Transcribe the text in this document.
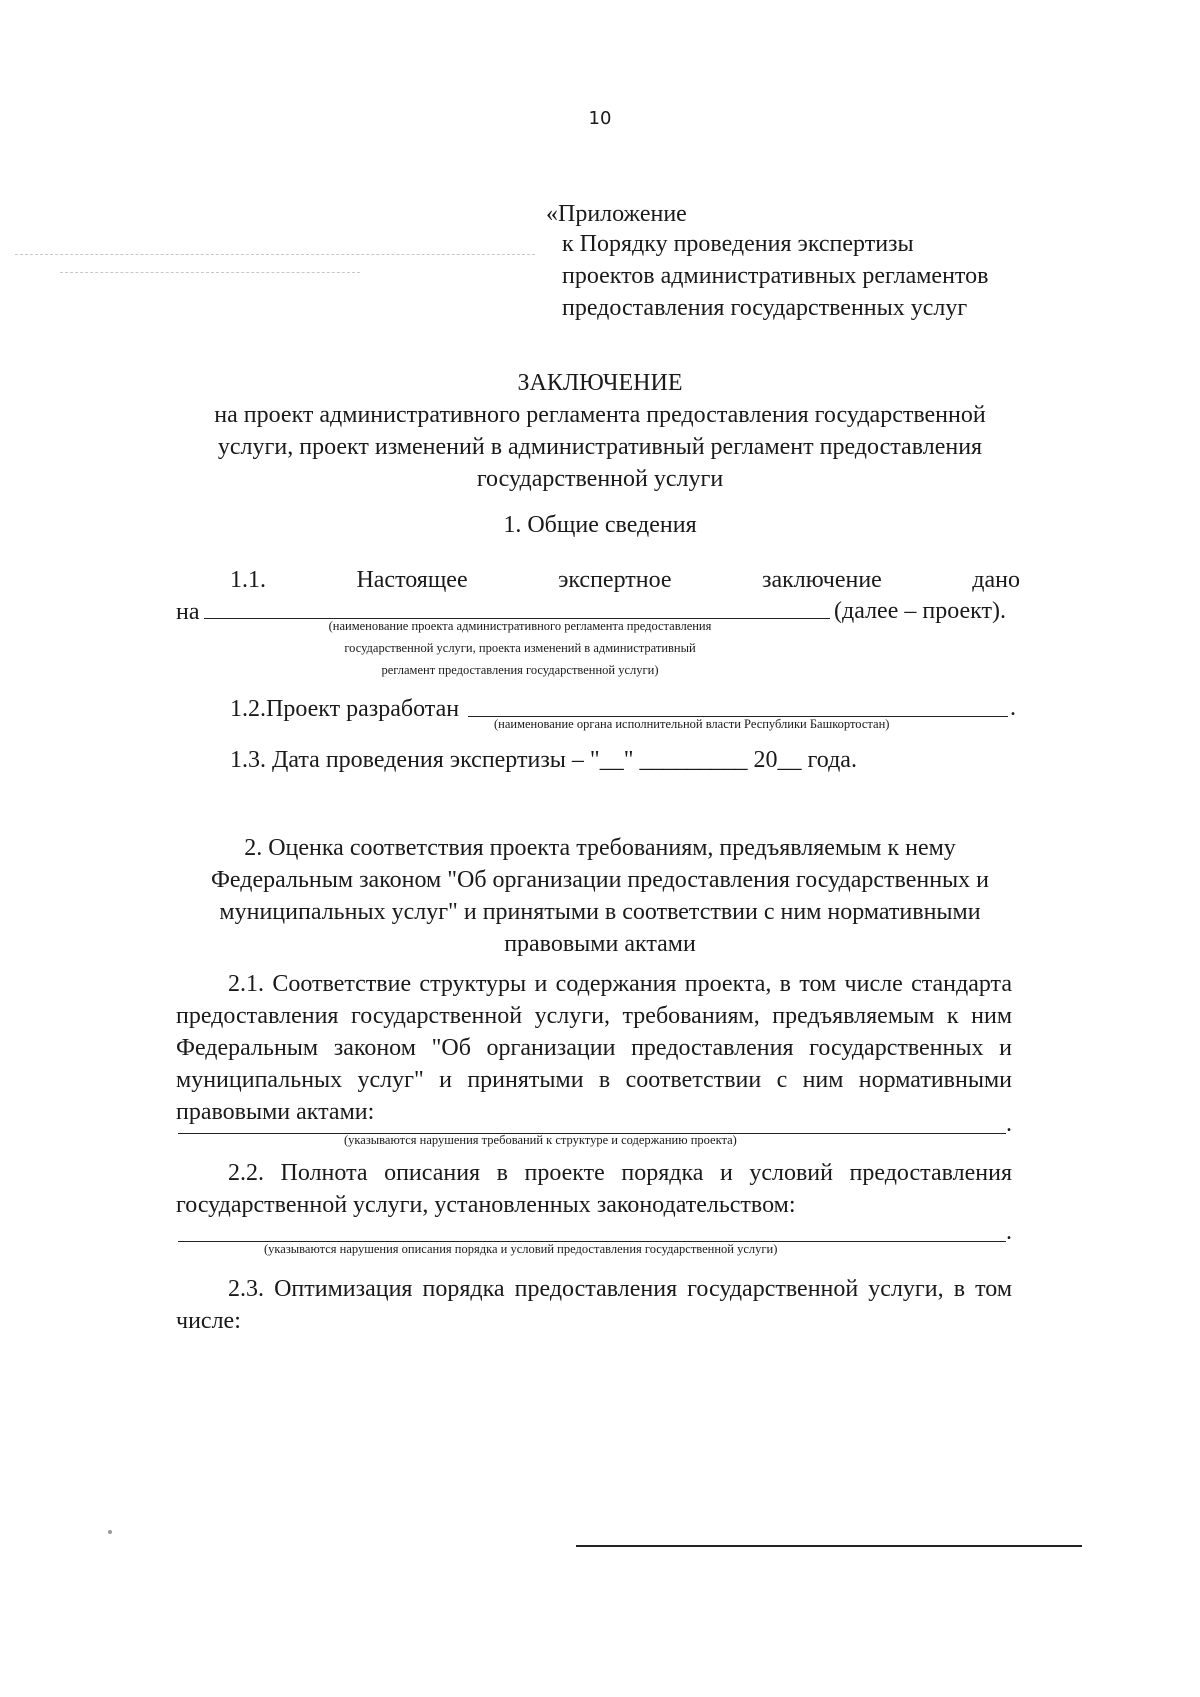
10
«Приложение
к Порядку проведения экспертизы
проектов административных регламентов
предоставления государственных услуг
ЗАКЛЮЧЕНИЕ
на проект административного регламента предоставления государственной
услуги, проект изменений в административный регламент предоставления
государственной услуги
1. Общие сведения
1.1.	Настоящее	экспертное	заключение	дано
на	(далее – проект).
(наименование проекта административного регламента предоставления
государственной услуги, проекта изменений в административный
регламент предоставления государственной услуги)
1.2.Проект разработан	.
(наименование органа исполнительной власти Республики Башкортостан)
1.3. Дата проведения экспертизы – "__" _________ 20__ года.
2. Оценка соответствия проекта требованиям, предъявляемым к нему
Федеральным законом "Об организации предоставления государственных и
муниципальных услуг" и принятыми в соответствии с ним нормативными
правовыми актами
2.1. Соответствие структуры и содержания проекта, в том числе стандарта
предоставления государственной услуги, требованиям, предъявляемым к ним
Федеральным законом "Об организации предоставления государственных и
муниципальных услуг" и принятыми в соответствии с ним нормативными
правовыми актами:	.
(указываются нарушения требований к структуре и содержанию проекта)
2.2. Полнота описания в проекте порядка и условий предоставления
государственной услуги, установленных законодательством:
.
(указываются нарушения описания порядка и условий предоставления государственной услуги)
2.3. Оптимизация порядка предоставления государственной услуги, в том
числе:
